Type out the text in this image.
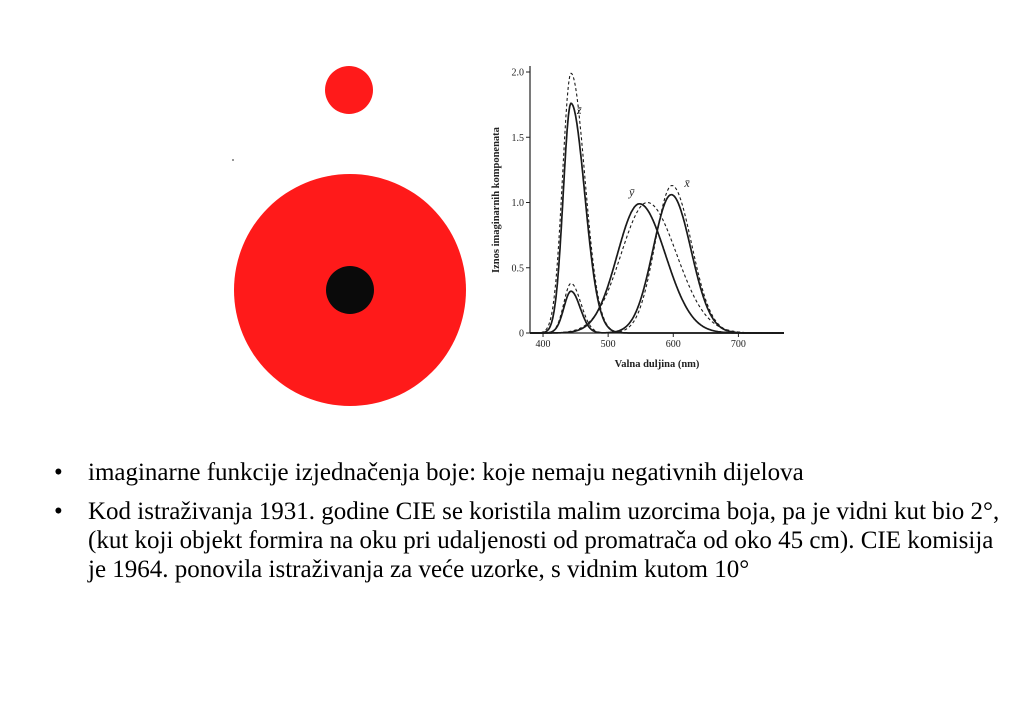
0
0.5
1.0
1.5
2.0
400	500	600	700
z̄
ȳ
x̄
Valna duljina (nm)
Iznos imaginarnih komponenata
• imaginarne funkcije izjednačenja boje: koje nemaju negativnih dijelova
• Kod istraživanja 1931. godine CIE se koristila malim uzorcima boja, pa je vidni kut bio 2°, (kut koji objekt formira na oku pri udaljenosti od promatrača od oko 45 cm). CIE komisija je 1964. ponovila istraživanja za veće uzorke, s vidnim kutom 10°
